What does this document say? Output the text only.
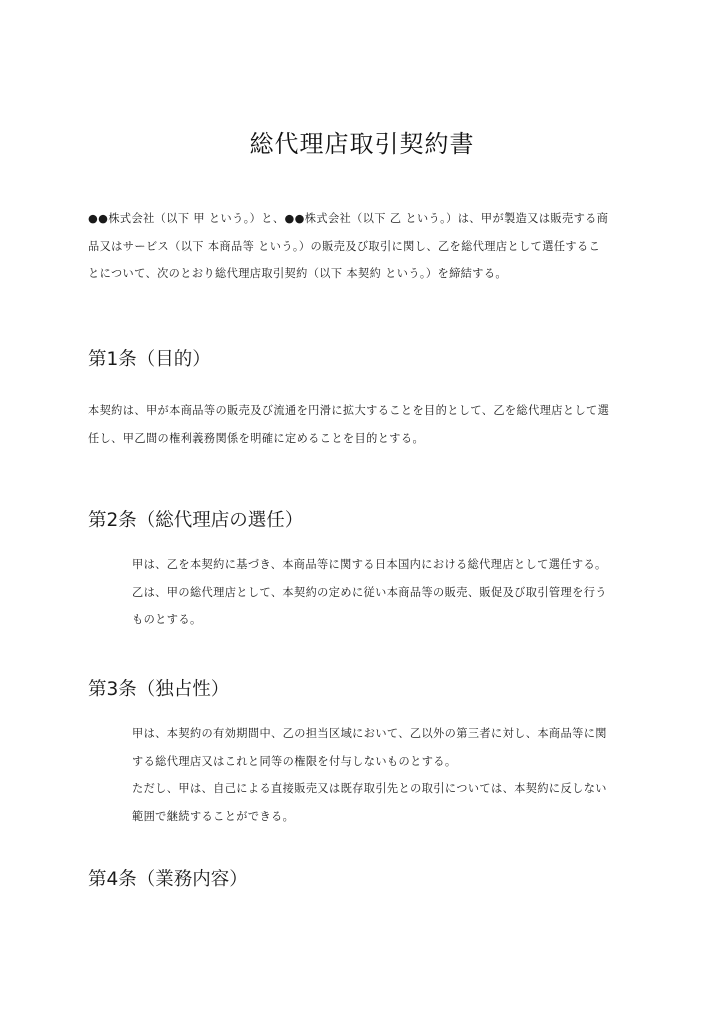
総代理店取引契約書
●●株式会社（以下 甲 という。）と、●●株式会社（以下 乙 という。）は、甲が製造又は販売する商
品又はサービス（以下 本商品等 という。）の販売及び取引に関し、乙を総代理店として選任するこ
とについて、次のとおり総代理店取引契約（以下 本契約 という。）を締結する。
第1条（目的）
本契約は、甲が本商品等の販売及び流通を円滑に拡大することを目的として、乙を総代理店として選
任し、甲乙間の権利義務関係を明確に定めることを目的とする。
第2条（総代理店の選任）
甲は、乙を本契約に基づき、本商品等に関する日本国内における総代理店として選任する。
乙は、甲の総代理店として、本契約の定めに従い本商品等の販売、販促及び取引管理を行う
ものとする。
第3条（独占性）
甲は、本契約の有効期間中、乙の担当区域において、乙以外の第三者に対し、本商品等に関
する総代理店又はこれと同等の権限を付与しないものとする。
ただし、甲は、自己による直接販売又は既存取引先との取引については、本契約に反しない
範囲で継続することができる。
第4条（業務内容）
